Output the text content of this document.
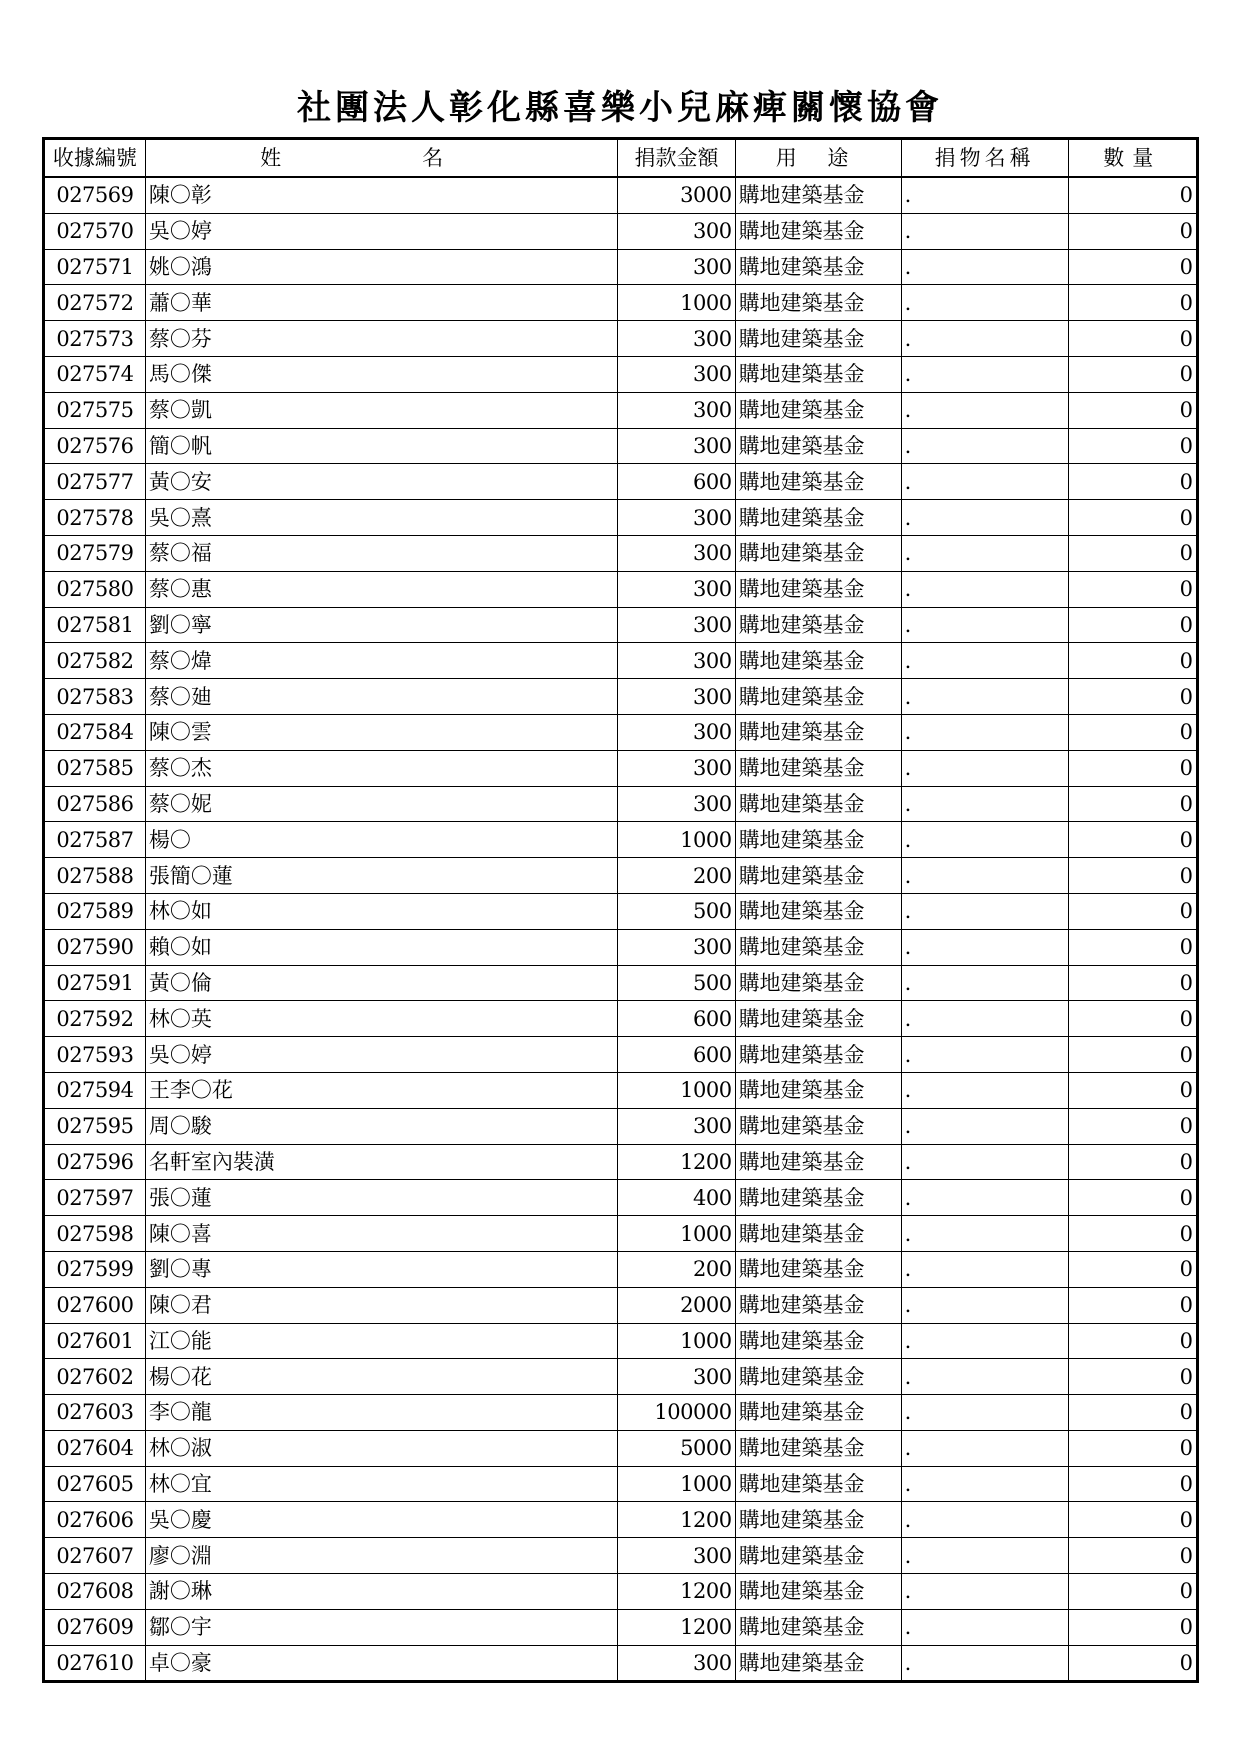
社團法人彰化縣喜樂小兒麻痺關懷協會
收據編號	姓　名	捐款金額	用 途	捐物名稱	數量
027569	陳〇彰	3000	購地建築基金	.	0
027570	吳〇婷	300	購地建築基金	.	0
027571	姚〇鴻	300	購地建築基金	.	0
027572	蕭〇華	1000	購地建築基金	.	0
027573	蔡〇芬	300	購地建築基金	.	0
027574	馬〇傑	300	購地建築基金	.	0
027575	蔡〇凱	300	購地建築基金	.	0
027576	簡〇帆	300	購地建築基金	.	0
027577	黃〇安	600	購地建築基金	.	0
027578	吳〇熹	300	購地建築基金	.	0
027579	蔡〇福	300	購地建築基金	.	0
027580	蔡〇惠	300	購地建築基金	.	0
027581	劉〇寧	300	購地建築基金	.	0
027582	蔡〇煒	300	購地建築基金	.	0
027583	蔡〇廸	300	購地建築基金	.	0
027584	陳〇雲	300	購地建築基金	.	0
027585	蔡〇杰	300	購地建築基金	.	0
027586	蔡〇妮	300	購地建築基金	.	0
027587	楊〇	1000	購地建築基金	.	0
027588	張簡〇蓮	200	購地建築基金	.	0
027589	林〇如	500	購地建築基金	.	0
027590	賴〇如	300	購地建築基金	.	0
027591	黃〇倫	500	購地建築基金	.	0
027592	林〇英	600	購地建築基金	.	0
027593	吳〇婷	600	購地建築基金	.	0
027594	王李〇花	1000	購地建築基金	.	0
027595	周〇駿	300	購地建築基金	.	0
027596	名軒室內裝潢	1200	購地建築基金	.	0
027597	張〇蓮	400	購地建築基金	.	0
027598	陳〇喜	1000	購地建築基金	.	0
027599	劉〇專	200	購地建築基金	.	0
027600	陳〇君	2000	購地建築基金	.	0
027601	江〇能	1000	購地建築基金	.	0
027602	楊〇花	300	購地建築基金	.	0
027603	李〇龍	100000	購地建築基金	.	0
027604	林〇淑	5000	購地建築基金	.	0
027605	林〇宜	1000	購地建築基金	.	0
027606	吳〇慶	1200	購地建築基金	.	0
027607	廖〇淵	300	購地建築基金	.	0
027608	謝〇琳	1200	購地建築基金	.	0
027609	鄒〇宇	1200	購地建築基金	.	0
027610	卓〇豪	300	購地建築基金	.	0
